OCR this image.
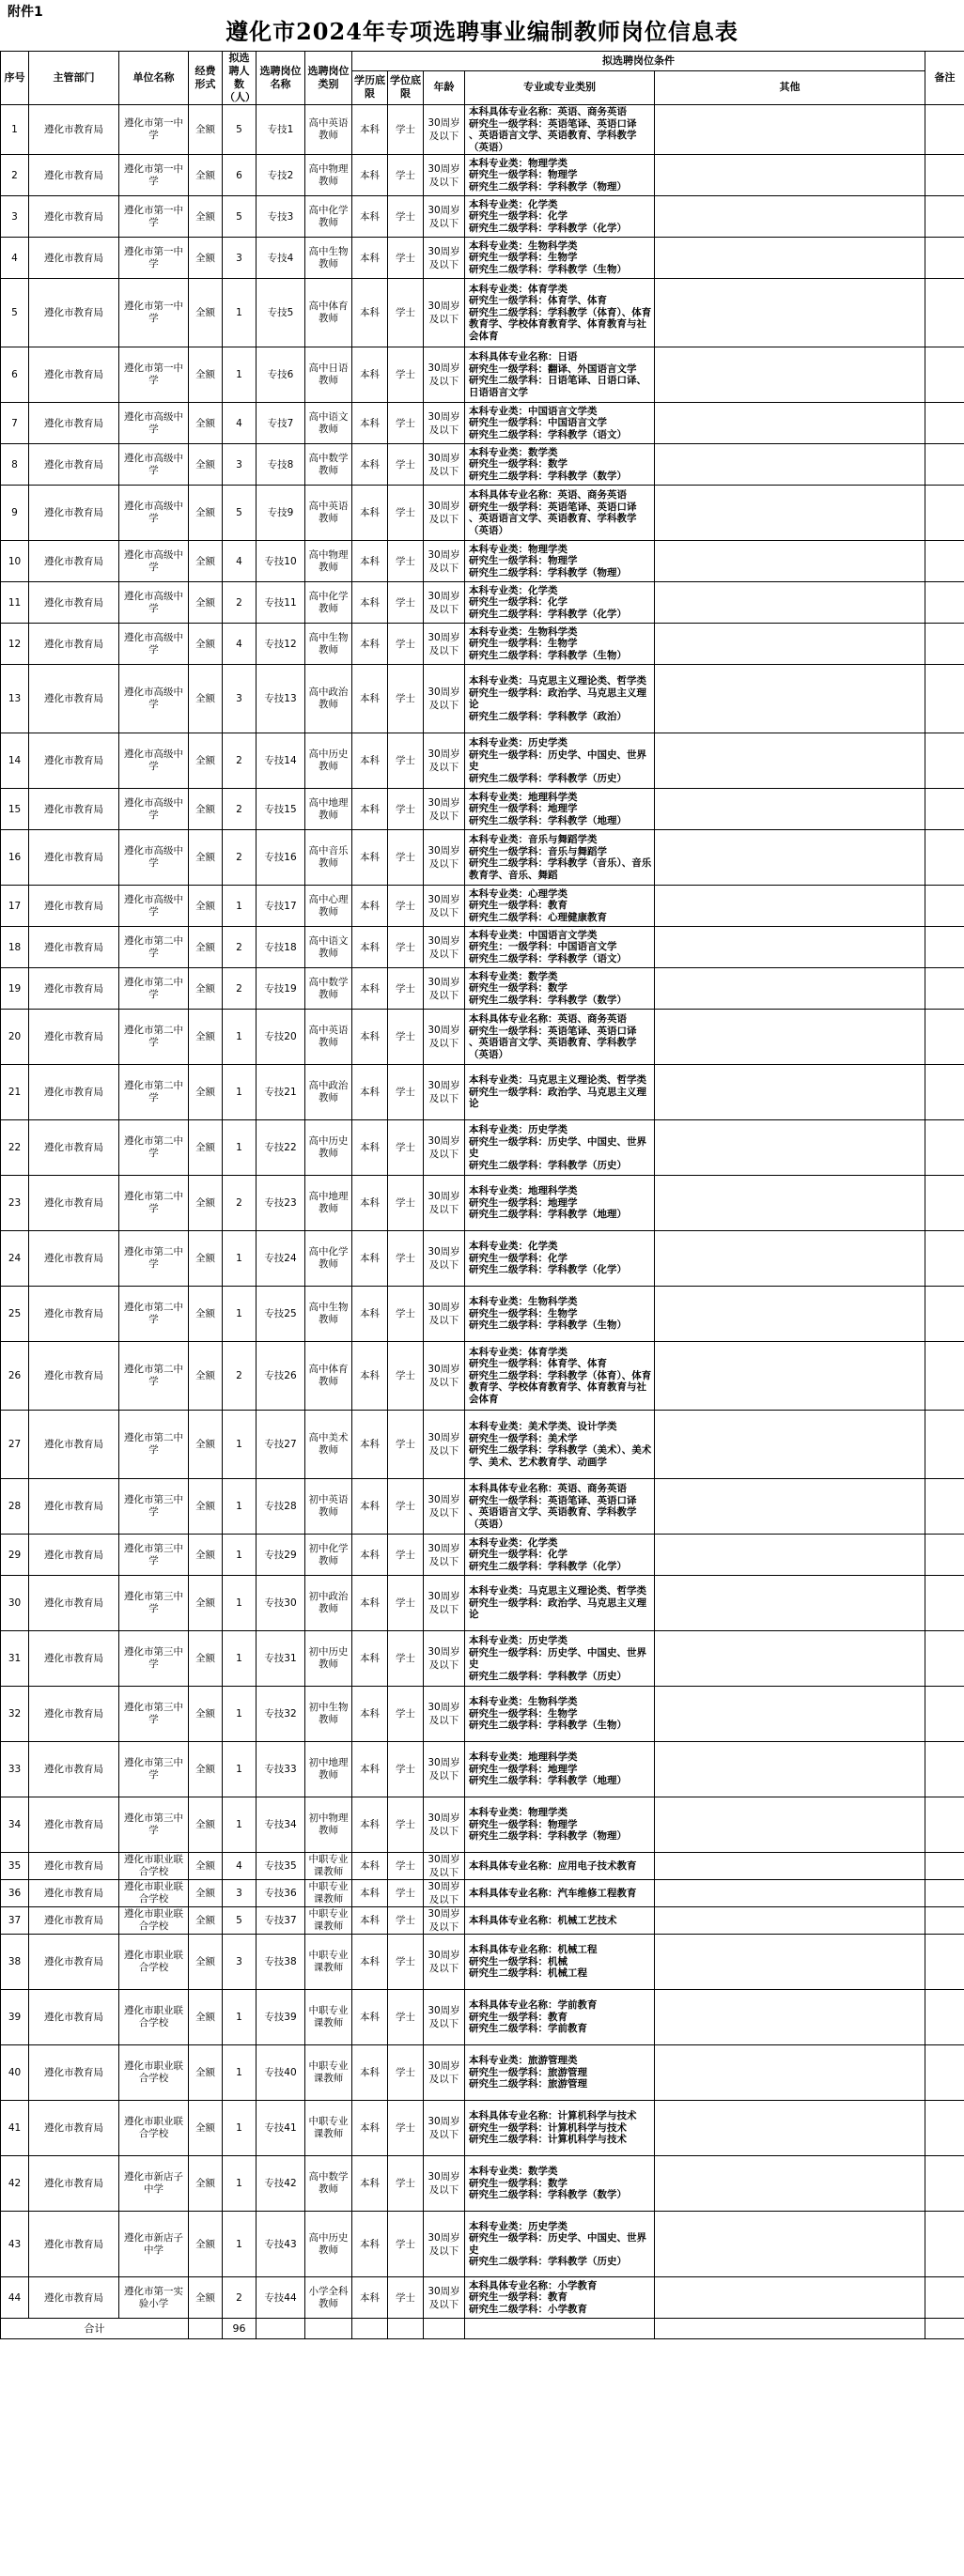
附件1
遵化市2024年专项选聘事业编制教师岗位信息表
序号	主管部门	单位名称	经费形式	拟选聘人数（人）	选聘岗位名称	选聘岗位类别	拟选聘岗位条件					备注
							学历底限	学位底限	年龄	专业或专业类别	其他	
1	遵化市教育局	遵化市第一中学	全额	5	专技1	高中英语教师	本科	学士	30周岁及以下	本科具体专业名称：英语、商务英语
研究生一级学科：英语笔译、英语口译
、英语语言文学、英语教育、学科教学（英语）		
2	遵化市教育局	遵化市第一中学	全额	6	专技2	高中物理教师	本科	学士	30周岁及以下	本科专业类：物理学类
研究生一级学科：物理学
研究生二级学科：学科教学（物理）		
3	遵化市教育局	遵化市第一中学	全额	5	专技3	高中化学教师	本科	学士	30周岁及以下	本科专业类：化学类
研究生一级学科：化学
研究生二级学科：学科教学（化学）		
4	遵化市教育局	遵化市第一中学	全额	3	专技4	高中生物教师	本科	学士	30周岁及以下	本科专业类：生物科学类
研究生一级学科：生物学
研究生二级学科：学科教学（生物）		
5	遵化市教育局	遵化市第一中学	全额	1	专技5	高中体育教师	本科	学士	30周岁及以下	本科专业类：体育学类
研究生一级学科：体育学、体育
研究生二级学科：学科教学（体育）、体育教育学、学校体育教育学、体育教育与社会体育		
6	遵化市教育局	遵化市第一中学	全额	1	专技6	高中日语教师	本科	学士	30周岁及以下	本科具体专业名称：日语
研究生一级学科：翻译、外国语言文学
研究生二级学科：日语笔译、日语口译、日语语言文学		
7	遵化市教育局	遵化市高级中学	全额	4	专技7	高中语文教师	本科	学士	30周岁及以下	本科专业类：中国语言文学类
研究生一级学科：中国语言文学
研究生二级学科：学科教学（语文）		
8	遵化市教育局	遵化市高级中学	全额	3	专技8	高中数学教师	本科	学士	30周岁及以下	本科专业类：数学类
研究生一级学科：数学
研究生二级学科：学科教学（数学）		
9	遵化市教育局	遵化市高级中学	全额	5	专技9	高中英语教师	本科	学士	30周岁及以下	本科具体专业名称：英语、商务英语
研究生一级学科：英语笔译、英语口译
、英语语言文学、英语教育、学科教学（英语）		
10	遵化市教育局	遵化市高级中学	全额	4	专技10	高中物理教师	本科	学士	30周岁及以下	本科专业类：物理学类
研究生一级学科：物理学
研究生二级学科：学科教学（物理）		
11	遵化市教育局	遵化市高级中学	全额	2	专技11	高中化学教师	本科	学士	30周岁及以下	本科专业类：化学类
研究生一级学科：化学
研究生二级学科：学科教学（化学）		
12	遵化市教育局	遵化市高级中学	全额	4	专技12	高中生物教师	本科	学士	30周岁及以下	本科专业类：生物科学类
研究生一级学科：生物学
研究生二级学科：学科教学（生物）		
13	遵化市教育局	遵化市高级中学	全额	3	专技13	高中政治教师	本科	学士	30周岁及以下	本科专业类：马克思主义理论类、哲学类
研究生一级学科：政治学、马克思主义理论
研究生二级学科：学科教学（政治）		
14	遵化市教育局	遵化市高级中学	全额	2	专技14	高中历史教师	本科	学士	30周岁及以下	本科专业类：历史学类
研究生一级学科：历史学、中国史、世界史
研究生二级学科：学科教学（历史）		
15	遵化市教育局	遵化市高级中学	全额	2	专技15	高中地理教师	本科	学士	30周岁及以下	本科专业类：地理科学类
研究生一级学科：地理学
研究生二级学科：学科教学（地理）		
16	遵化市教育局	遵化市高级中学	全额	2	专技16	高中音乐教师	本科	学士	30周岁及以下	本科专业类：音乐与舞蹈学类
研究生一级学科：音乐与舞蹈学
研究生二级学科：学科教学（音乐）、音乐教育学、音乐、舞蹈		
17	遵化市教育局	遵化市高级中学	全额	1	专技17	高中心理教师	本科	学士	30周岁及以下	本科专业类：心理学类
研究生一级学科：教育
研究生二级学科：心理健康教育		
18	遵化市教育局	遵化市第二中学	全额	2	专技18	高中语文教师	本科	学士	30周岁及以下	本科专业类：中国语言文学类
研究生：一级学科：中国语言文学
研究生二级学科：学科教学（语文）		
19	遵化市教育局	遵化市第二中学	全额	2	专技19	高中数学教师	本科	学士	30周岁及以下	本科专业类：数学类
研究生一级学科：数学
研究生二级学科：学科教学（数学）		
20	遵化市教育局	遵化市第二中学	全额	1	专技20	高中英语教师	本科	学士	30周岁及以下	本科具体专业名称：英语、商务英语
研究生一级学科：英语笔译、英语口译
、英语语言文学、英语教育、学科教学（英语）		
21	遵化市教育局	遵化市第二中学	全额	1	专技21	高中政治教师	本科	学士	30周岁及以下	本科专业类：马克思主义理论类、哲学类
研究生一级学科：政治学、马克思主义理论		
22	遵化市教育局	遵化市第二中学	全额	1	专技22	高中历史教师	本科	学士	30周岁及以下	本科专业类：历史学类
研究生一级学科：历史学、中国史、世界史
研究生二级学科：学科教学（历史）		
23	遵化市教育局	遵化市第二中学	全额	2	专技23	高中地理教师	本科	学士	30周岁及以下	本科专业类：地理科学类
研究生一级学科：地理学
研究生二级学科：学科教学（地理）		
24	遵化市教育局	遵化市第二中学	全额	1	专技24	高中化学教师	本科	学士	30周岁及以下	本科专业类：化学类
研究生一级学科：化学
研究生二级学科：学科教学（化学）		
25	遵化市教育局	遵化市第二中学	全额	1	专技25	高中生物教师	本科	学士	30周岁及以下	本科专业类：生物科学类
研究生一级学科：生物学
研究生二级学科：学科教学（生物）		
26	遵化市教育局	遵化市第二中学	全额	2	专技26	高中体育教师	本科	学士	30周岁及以下	本科专业类：体育学类
研究生一级学科：体育学、体育
研究生二级学科：学科教学（体育）、体育教育学、学校体育教育学、体育教育与社会体育		
27	遵化市教育局	遵化市第二中学	全额	1	专技27	高中美术教师	本科	学士	30周岁及以下	本科专业类：美术学类、设计学类
研究生一级学科：美术学
研究生二级学科：学科教学（美术）、美术学、美术、艺术教育学、动画学		
28	遵化市教育局	遵化市第三中学	全额	1	专技28	初中英语教师	本科	学士	30周岁及以下	本科具体专业名称：英语、商务英语
研究生一级学科：英语笔译、英语口译
、英语语言文学、英语教育、学科教学（英语）		
29	遵化市教育局	遵化市第三中学	全额	1	专技29	初中化学教师	本科	学士	30周岁及以下	本科专业类：化学类
研究生一级学科：化学
研究生二级学科：学科教学（化学）		
30	遵化市教育局	遵化市第三中学	全额	1	专技30	初中政治教师	本科	学士	30周岁及以下	本科专业类：马克思主义理论类、哲学类
研究生一级学科：政治学、马克思主义理论		
31	遵化市教育局	遵化市第三中学	全额	1	专技31	初中历史教师	本科	学士	30周岁及以下	本科专业类：历史学类
研究生一级学科：历史学、中国史、世界史
研究生二级学科：学科教学（历史）		
32	遵化市教育局	遵化市第三中学	全额	1	专技32	初中生物教师	本科	学士	30周岁及以下	本科专业类：生物科学类
研究生一级学科：生物学
研究生二级学科：学科教学（生物）		
33	遵化市教育局	遵化市第三中学	全额	1	专技33	初中地理教师	本科	学士	30周岁及以下	本科专业类：地理科学类
研究生一级学科：地理学
研究生二级学科：学科教学（地理）		
34	遵化市教育局	遵化市第三中学	全额	1	专技34	初中物理教师	本科	学士	30周岁及以下	本科专业类：物理学类
研究生一级学科：物理学
研究生二级学科：学科教学（物理）		
35	遵化市教育局	遵化市职业联合学校	全额	4	专技35	中职专业课教师	本科	学士	30周岁及以下	本科具体专业名称：应用电子技术教育		
36	遵化市教育局	遵化市职业联合学校	全额	3	专技36	中职专业课教师	本科	学士	30周岁及以下	本科具体专业名称：汽车维修工程教育		
37	遵化市教育局	遵化市职业联合学校	全额	5	专技37	中职专业课教师	本科	学士	30周岁及以下	本科具体专业名称：机械工艺技术		
38	遵化市教育局	遵化市职业联合学校	全额	3	专技38	中职专业课教师	本科	学士	30周岁及以下	本科具体专业名称：机械工程
研究生一级学科：机械
研究生二级学科：机械工程		
39	遵化市教育局	遵化市职业联合学校	全额	1	专技39	中职专业课教师	本科	学士	30周岁及以下	本科具体专业名称：学前教育
研究生一级学科：教育
研究生二级学科：学前教育		
40	遵化市教育局	遵化市职业联合学校	全额	1	专技40	中职专业课教师	本科	学士	30周岁及以下	本科专业类：旅游管理类
研究生一级学科：旅游管理
研究生二级学科：旅游管理		
41	遵化市教育局	遵化市职业联合学校	全额	1	专技41	中职专业课教师	本科	学士	30周岁及以下	本科具体专业名称：计算机科学与技术
研究生一级学科：计算机科学与技术
研究生二级学科：计算机科学与技术		
42	遵化市教育局	遵化市新店子中学	全额	1	专技42	高中数学教师	本科	学士	30周岁及以下	本科专业类：数学类
研究生一级学科：数学
研究生二级学科：学科教学（数学）		
43	遵化市教育局	遵化市新店子中学	全额	1	专技43	高中历史教师	本科	学士	30周岁及以下	本科专业类：历史学类
研究生一级学科：历史学、中国史、世界史
研究生二级学科：学科教学（历史）		
44	遵化市教育局	遵化市第一实验小学	全额	2	专技44	小学全科教师	本科	学士	30周岁及以下	本科具体专业名称：小学教育
研究生一级学科：教育
研究生二级学科：小学教育		
合计				96								
